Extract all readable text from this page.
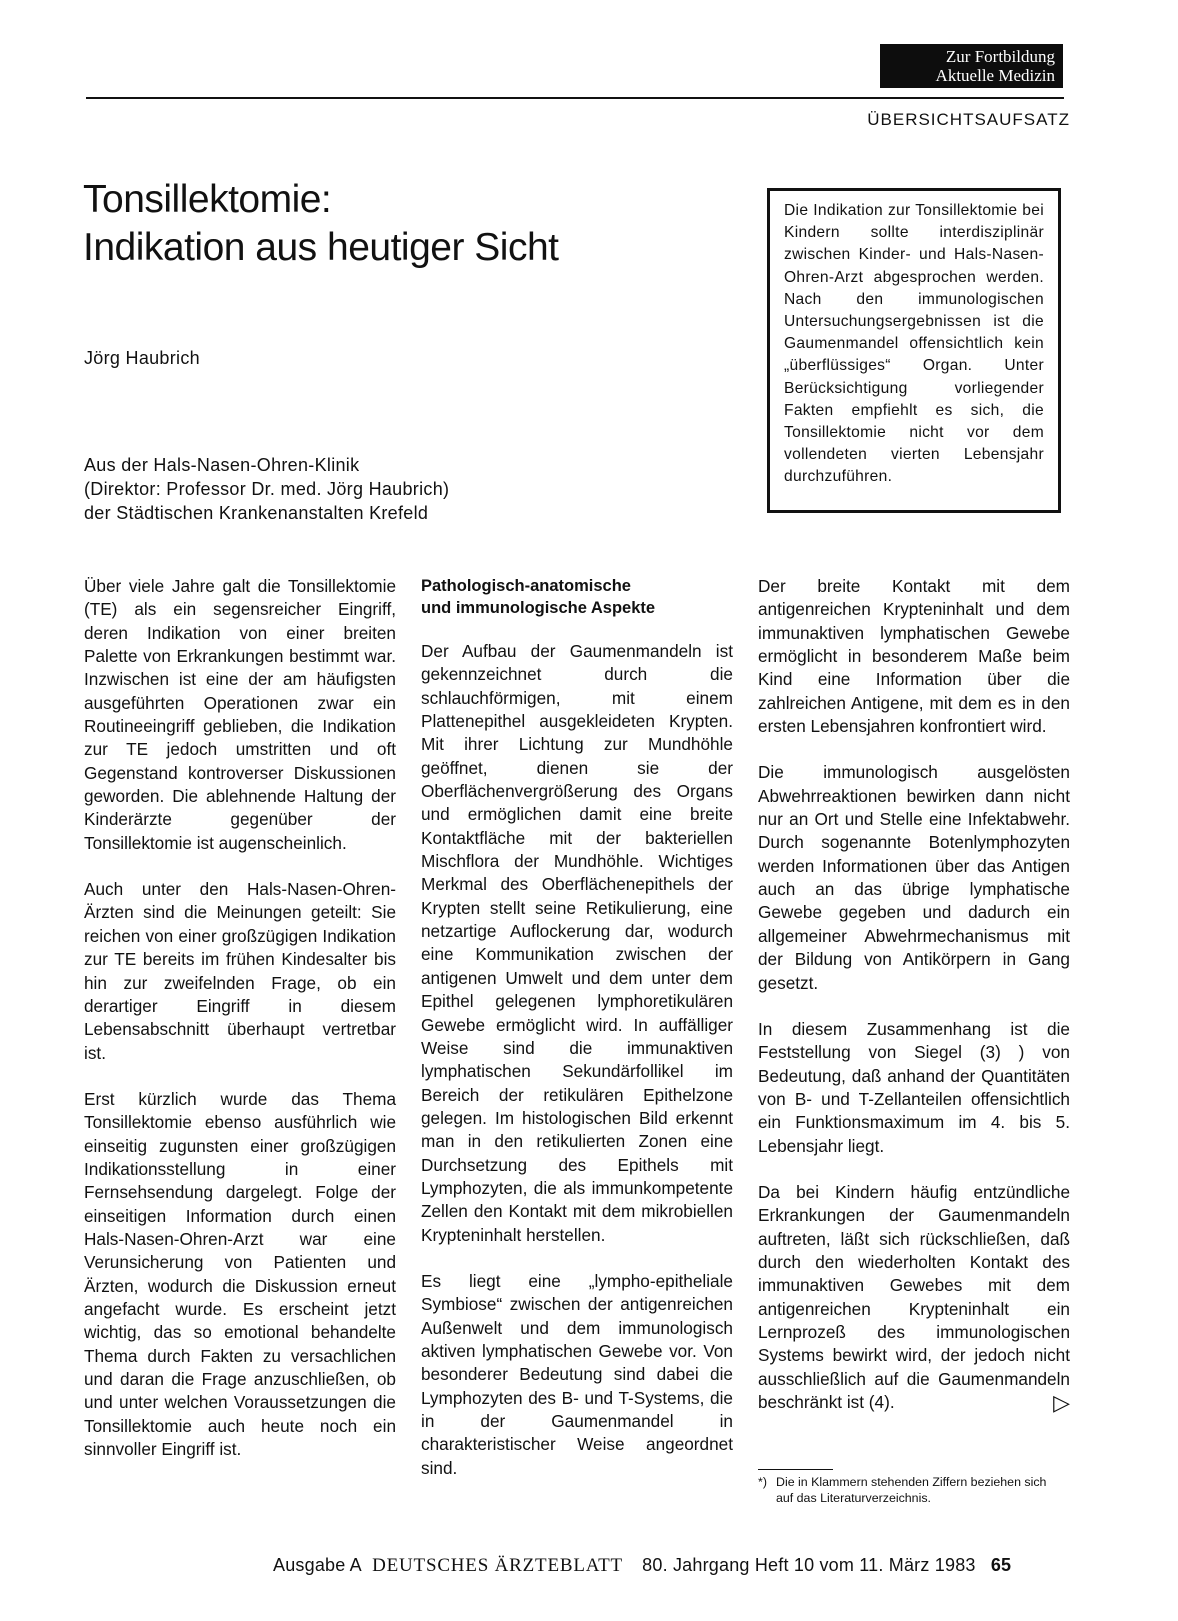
Zur Fortbildung
Aktuelle Medizin
ÜBERSICHTSAUFSATZ
Tonsillektomie:
Indikation aus heutiger Sicht
Jörg Haubrich
Aus der Hals-Nasen-Ohren-Klinik
(Direktor: Professor Dr. med. Jörg Haubrich)
der Städtischen Krankenanstalten Krefeld
Die Indikation zur Tonsillektomie bei Kindern sollte interdisziplinär zwischen Kinder- und Hals-Nasen-Ohren-Arzt abgesprochen werden. Nach den immunologischen Untersuchungsergebnissen ist die Gaumenmandel offensichtlich kein „überflüssiges“ Organ. Unter Berücksichtigung vorliegender Fakten empfiehlt es sich, die Tonsillektomie nicht vor dem vollendeten vierten Lebensjahr durchzuführen.

Über viele Jahre galt die Tonsillektomie (TE) als ein segensreicher Eingriff, deren Indikation von einer breiten Palette von Erkrankungen bestimmt war. Inzwischen ist eine der am häufigsten ausgeführten Operationen zwar ein Routineeingriff geblieben, die Indikation zur TE jedoch umstritten und oft Gegenstand kontroverser Diskussionen geworden. Die ablehnende Haltung der Kinderärzte gegenüber der Tonsillektomie ist augenscheinlich.

Auch unter den Hals-Nasen-Ohren-Ärzten sind die Meinungen geteilt: Sie reichen von einer großzügigen Indikation zur TE bereits im frühen Kindesalter bis hin zur zweifelnden Frage, ob ein derartiger Eingriff in diesem Lebensabschnitt überhaupt vertretbar ist.

Erst kürzlich wurde das Thema Tonsillektomie ebenso ausführlich wie einseitig zugunsten einer großzügigen Indikationsstellung in einer Fernsehsendung dargelegt. Folge der einseitigen Information durch einen Hals-Nasen-Ohren-Arzt war eine Verunsicherung von Patienten und Ärzten, wodurch die Diskussion erneut angefacht wurde. Es erscheint jetzt wichtig, das so emotional behandelte Thema durch Fakten zu versachlichen und daran die Frage anzuschließen, ob und unter welchen Voraussetzungen die Tonsillektomie auch heute noch ein sinnvoller Eingriff ist.

Pathologisch-anatomische
und immunologische Aspekte

Der Aufbau der Gaumenmandeln ist gekennzeichnet durch die schlauchförmigen, mit einem Plattenepithel ausgekleideten Krypten. Mit ihrer Lichtung zur Mundhöhle geöffnet, dienen sie der Oberflächenvergrößerung des Organs und ermöglichen damit eine breite Kontaktfläche mit der bakteriellen Mischflora der Mundhöhle. Wichtiges Merkmal des Oberflächenepithels der Krypten stellt seine Retikulierung, eine netzartige Auflockerung dar, wodurch eine Kommunikation zwischen der antigenen Umwelt und dem unter dem Epithel gelegenen lymphoretikulären Gewebe ermöglicht wird. In auffälliger Weise sind die immunaktiven lymphatischen Sekundärfollikel im Bereich der retikulären Epithelzone gelegen. Im histologischen Bild erkennt man in den retikulierten Zonen eine Durchsetzung des Epithels mit Lymphozyten, die als immunkompetente Zellen den Kontakt mit dem mikrobiellen Krypteninhalt herstellen.

Es liegt eine „lympho-epitheliale Symbiose“ zwischen der antigenreichen Außenwelt und dem immunologisch aktiven lymphatischen Gewebe vor. Von besonderer Bedeutung sind dabei die Lymphozyten des B- und T-Systems, die in der Gaumenmandel in charakteristischer Weise angeordnet sind.

Der breite Kontakt mit dem antigenreichen Krypteninhalt und dem immunaktiven lymphatischen Gewebe ermöglicht in besonderem Maße beim Kind eine Information über die zahlreichen Antigene, mit dem es in den ersten Lebensjahren konfrontiert wird.

Die immunologisch ausgelösten Abwehrreaktionen bewirken dann nicht nur an Ort und Stelle eine Infektabwehr. Durch sogenannte Botenlymphozyten werden Informationen über das Antigen auch an das übrige lymphatische Gewebe gegeben und dadurch ein allgemeiner Abwehrmechanismus mit der Bildung von Antikörpern in Gang gesetzt.

In diesem Zusammenhang ist die Feststellung von Siegel (3) ) von Bedeutung, daß anhand der Quantitäten von B- und T-Zellanteilen offensichtlich ein Funktionsmaximum im 4. bis 5. Lebensjahr liegt.

Da bei Kindern häufig entzündliche Erkrankungen der Gaumenmandeln auftreten, läßt sich rückschließen, daß durch den wiederholten Kontakt des immunaktiven Gewebes mit dem antigenreichen Krypteninhalt ein Lernprozeß des immunologischen Systems bewirkt wird, der jedoch nicht ausschließlich auf die Gaumenmandeln beschränkt ist (4).	▷

*) Die in Klammern stehenden Ziffern beziehen sich auf das Literaturverzeichnis.
Ausgabe A DEUTSCHES ÄRZTEBLATT 80. Jahrgang Heft 10 vom 11. März 1983 65
